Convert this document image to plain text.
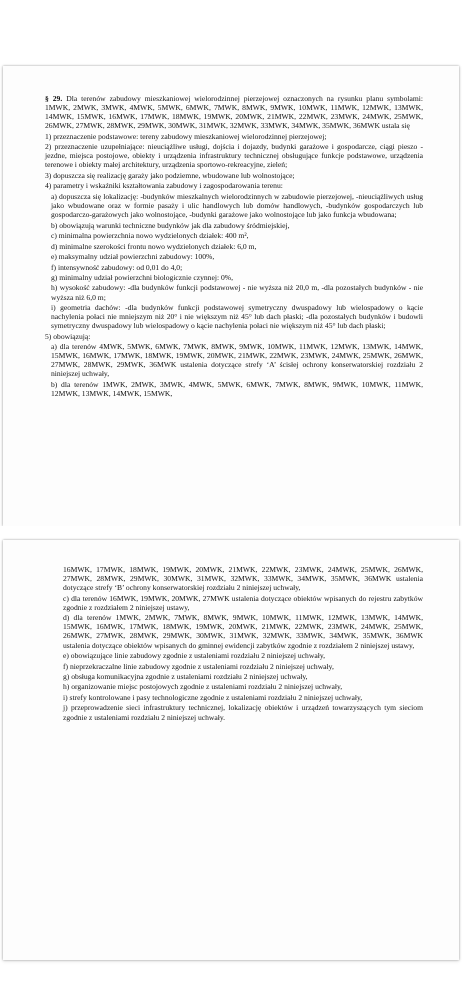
§ 29. Dla terenów zabudowy mieszkaniowej wielorodzinnej pierzejowej oznaczonych na rysunku planu symbolami: 1MWK, 2MWK, 3MWK, 4MWK, 5MWK, 6MWK, 7MWK, 8MWK, 9MWK, 10MWK, 11MWK, 12MWK, 13MWK, 14MWK, 15MWK, 16MWK, 17MWK, 18MWK, 19MWK, 20MWK, 21MWK, 22MWK, 23MWK, 24MWK, 25MWK, 26MWK, 27MWK, 28MWK, 29MWK, 30MWK, 31MWK, 32MWK, 33MWK, 34MWK, 35MWK, 36MWK ustala się

1) przeznaczenie podstawowe: tereny zabudowy mieszkaniowej wielorodzinnej pierzejowej;

2) przeznaczenie uzupełniające: nieuciążliwe usługi, dojścia i dojazdy, budynki garażowe i gospodarcze, ciągi pieszo - jezdne, miejsca postojowe, obiekty i urządzenia infrastruktury technicznej obsługujące funkcje podstawowe, urządzenia terenowe i obiekty małej architektury, urządzenia sportowo-rekreacyjne, zieleń;

3) dopuszcza się realizację garaży jako podziemne, wbudowane lub wolnostojące;

4) parametry i wskaźniki kształtowania zabudowy i zagospodarowania terenu:

a) dopuszcza się lokalizację: -budynków mieszkalnych wielorodzinnych w zabudowie pierzejowej, -nieuciążliwych usług jako wbudowane oraz w formie pasaży i ulic handlowych lub domów handlowych, -budynków gospodarczych lub gospodarczo-garażowych jako wolnostojące, -budynki garażowe jako wolnostojące lub jako funkcja wbudowana;

b) obowiązują warunki techniczne budynków jak dla zabudowy śródmiejskiej,

c) minimalna powierzchnia nowo wydzielonych działek: 400 m²,

d) minimalne szerokości frontu nowo wydzielonych działek: 6,0 m,

e) maksymalny udział powierzchni zabudowy: 100%,

f) intensywność zabudowy: od 0,01 do 4,0;

g) minimalny udział powierzchni biologicznie czynnej: 0%,

h) wysokość zabudowy: -dla budynków funkcji podstawowej - nie wyższa niż 20,0 m, -dla pozostałych budynków - nie wyższa niż 6,0 m;

i) geometria dachów: -dla budynków funkcji podstawowej symetryczny dwuspadowy lub wielospadowy o kącie nachylenia połaci nie mniejszym niż 20° i nie większym niż 45° lub dach płaski; -dla pozostałych budynków i budowli symetryczny dwuspadowy lub wielospadowy o kącie nachylenia połaci nie większym niż 45° lub dach płaski;

5) obowiązują:

a) dla terenów 4MWK, 5MWK, 6MWK, 7MWK, 8MWK, 9MWK, 10MWK, 11MWK, 12MWK, 13MWK, 14MWK, 15MWK, 16MWK, 17MWK, 18MWK, 19MWK, 20MWK, 21MWK, 22MWK, 23MWK, 24MWK, 25MWK, 26MWK, 27MWK, 28MWK, 29MWK, 36MWK ustalenia dotyczące strefy ‘A’ ścisłej ochrony konserwatorskiej rozdziału 2 niniejszej uchwały,

b) dla terenów 1MWK, 2MWK, 3MWK, 4MWK, 5MWK, 6MWK, 7MWK, 8MWK, 9MWK, 10MWK, 11MWK, 12MWK, 13MWK, 14MWK, 15MWK,

16MWK, 17MWK, 18MWK, 19MWK, 20MWK, 21MWK, 22MWK, 23MWK, 24MWK, 25MWK, 26MWK, 27MWK, 28MWK, 29MWK, 30MWK, 31MWK, 32MWK, 33MWK, 34MWK, 35MWK, 36MWK ustalenia dotyczące strefy ‘B’ ochrony konserwatorskiej rozdziału 2 niniejszej uchwały,

c) dla terenów 16MWK, 19MWK, 20MWK, 27MWK ustalenia dotyczące obiektów wpisanych do rejestru zabytków zgodnie z rozdziałem 2 niniejszej ustawy,

d) dla terenów 1MWK, 2MWK, 7MWK, 8MWK, 9MWK, 10MWK, 11MWK, 12MWK, 13MWK, 14MWK, 15MWK, 16MWK, 17MWK, 18MWK, 19MWK, 20MWK, 21MWK, 22MWK, 23MWK, 24MWK, 25MWK, 26MWK, 27MWK, 28MWK, 29MWK, 30MWK, 31MWK, 32MWK, 33MWK, 34MWK, 35MWK, 36MWK ustalenia dotyczące obiektów wpisanych do gminnej ewidencji zabytków zgodnie z rozdziałem 2 niniejszej ustawy,

e) obowiązujące linie zabudowy zgodnie z ustaleniami rozdziału 2 niniejszej uchwały,

f) nieprzekraczalne linie zabudowy zgodnie z ustaleniami rozdziału 2 niniejszej uchwały,

g) obsługa komunikacyjna zgodnie z ustaleniami rozdziału 2 niniejszej uchwały,

h) organizowanie miejsc postojowych zgodnie z ustaleniami rozdziału 2 niniejszej uchwały,

i) strefy kontrolowane i pasy technologiczne zgodnie z ustaleniami rozdziału 2 niniejszej uchwały,

j) przeprowadzenie sieci infrastruktury technicznej, lokalizację obiektów i urządzeń towarzyszących tym sieciom zgodnie z ustaleniami rozdziału 2 niniejszej uchwały.
